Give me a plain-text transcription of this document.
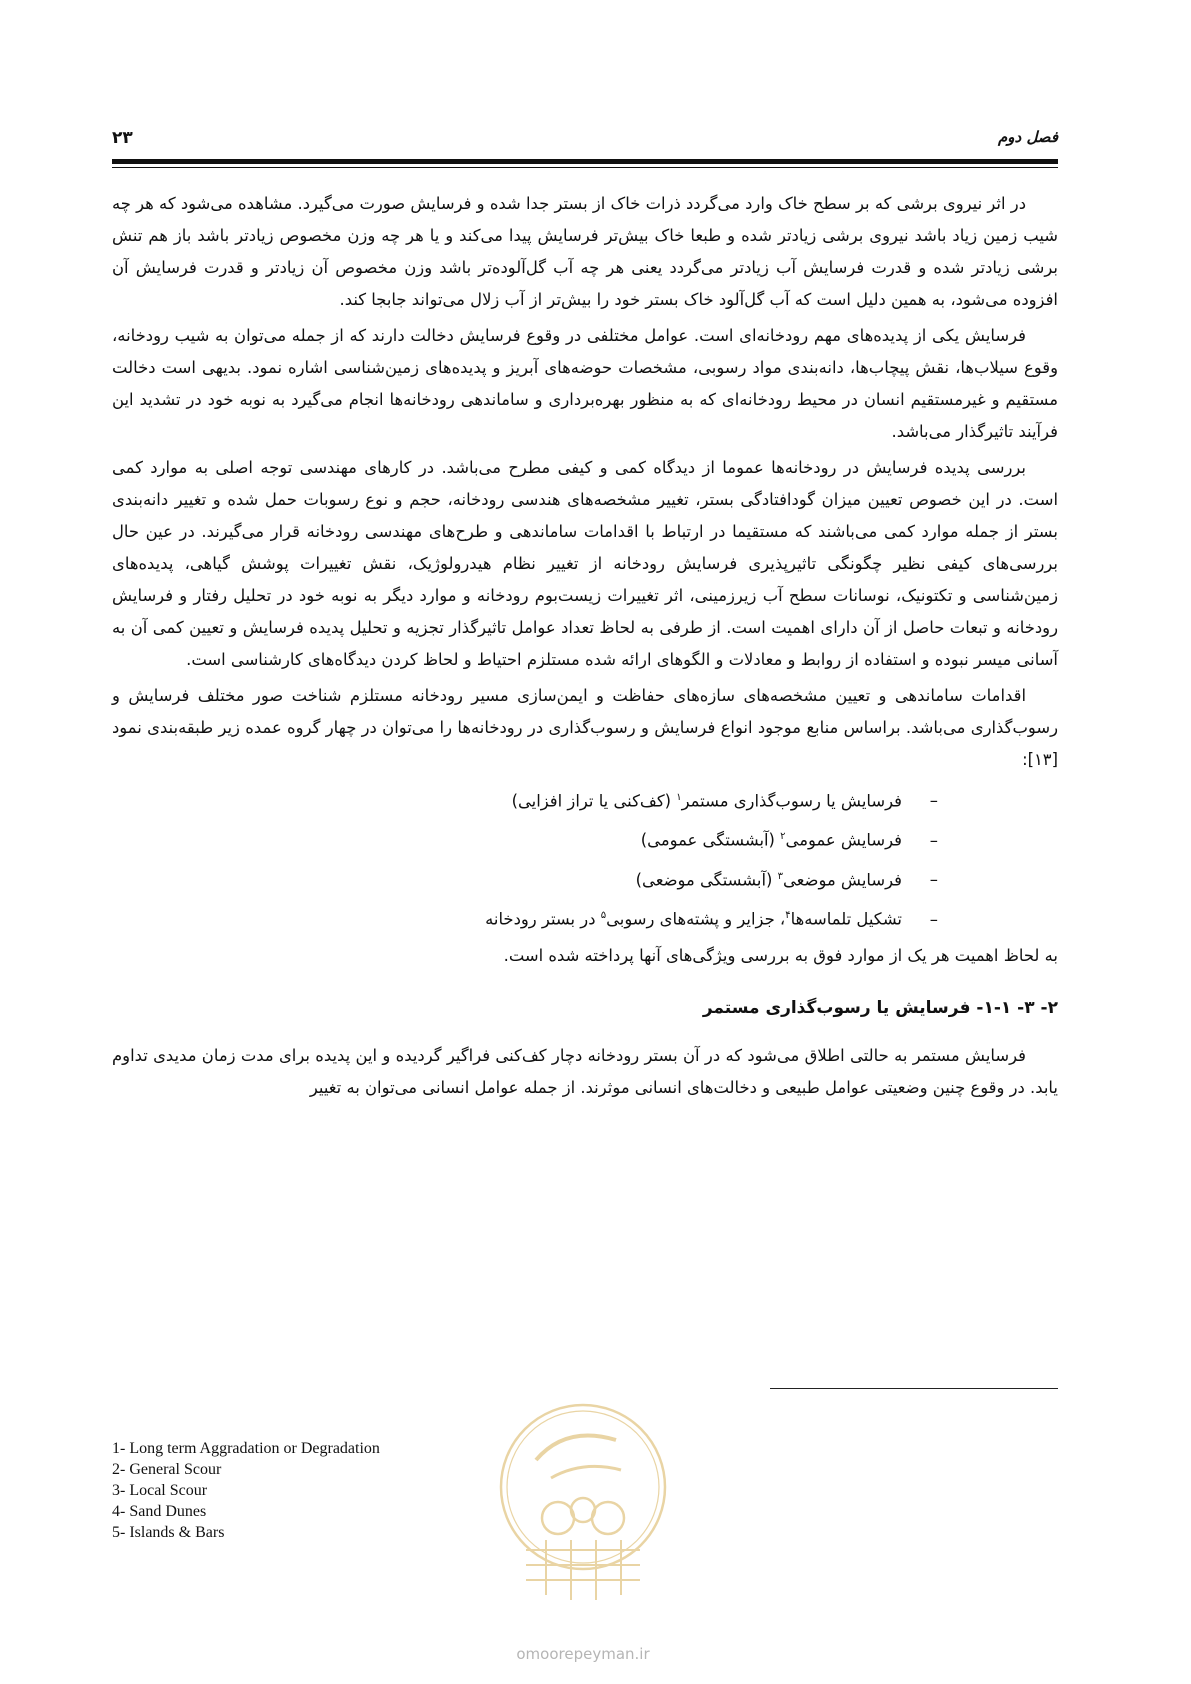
۲۳	فصل دوم

در اثر نیروی برشی که بر سطح خاک وارد می‌گردد ذرات خاک از بستر جدا شده و فرسایش صورت می‌گیرد. مشاهده می‌شود که هر چه شیب زمین زیاد باشد نیروی برشی زیادتر شده و طبعا خاک بیش‌تر فرسایش پیدا می‌کند و یا هر چه وزن مخصوص زیادتر باشد باز هم تنش برشی زیادتر شده و قدرت فرسایش آب زیادتر می‌گردد یعنی هر چه آب گل‌آلوده‌تر باشد وزن مخصوص آن زیادتر و قدرت فرسایش آن افزوده می‌شود، به همین دلیل است که آب گل‌آلود خاک بستر خود را بیش‌تر از آب زلال می‌تواند جابجا کند.

فرسایش یکی از پدیده‌های مهم رودخانه‌ای است. عوامل مختلفی در وقوع فرسایش دخالت دارند که از جمله می‌توان به شیب رودخانه، وقوع سیلاب‌ها، نقش پیچاب‌ها، دانه‌بندی مواد رسوبی، مشخصات حوضه‌های آبریز و پدیده‌های زمین‌شناسی اشاره نمود. بدیهی است دخالت مستقیم و غیرمستقیم انسان در محیط رودخانه‌ای که به منظور بهره‌برداری و ساماندهی رودخانه‌ها انجام می‌گیرد به نوبه خود در تشدید این فرآیند تاثیرگذار می‌باشد.

بررسی پدیده فرسایش در رودخانه‌ها عموما از دیدگاه کمی و کیفی مطرح می‌باشد. در کارهای مهندسی توجه اصلی به موارد کمی است. در این خصوص تعیین میزان گودافتادگی بستر، تغییر مشخصه‌های هندسی رودخانه، حجم و نوع رسوبات حمل شده و تغییر دانه‌بندی بستر از جمله موارد کمی می‌باشند که مستقیما در ارتباط با اقدامات ساماندهی و طرح‌های مهندسی رودخانه قرار می‌گیرند. در عین حال بررسی‌های کیفی نظیر چگونگی تاثیرپذیری فرسایش رودخانه از تغییر نظام هیدرولوژیک، نقش تغییرات پوشش گیاهی، پدیده‌های زمین‌شناسی و تکتونیک، نوسانات سطح آب زیرزمینی، اثر تغییرات زیست‌بوم رودخانه و موارد دیگر به نوبه خود در تحلیل رفتار و فرسایش رودخانه و تبعات حاصل از آن دارای اهمیت است. از طرفی به لحاظ تعداد عوامل تاثیرگذار تجزیه و تحلیل پدیده فرسایش و تعیین کمی آن به آسانی میسر نبوده و استفاده از روابط و معادلات و الگوهای ارائه شده مستلزم احتیاط و لحاظ کردن دیدگاه‌های کارشناسی است.

اقدامات ساماندهی و تعیین مشخصه‌های سازه‌های حفاظت و ایمن‌سازی مسیر رودخانه مستلزم شناخت صور مختلف فرسایش و رسوب‌گذاری می‌باشد. براساس منابع موجود انواع فرسایش و رسوب‌گذاری در رودخانه‌ها را می‌توان در چهار گروه عمده زیر طبقه‌بندی نمود [۱۳]:

–فرسایش یا رسوب‌گذاری مستمر$^۱$ (کف‌کنی یا تراز افزایی)
–فرسایش عمومی$^۲$ (آبشستگی عمومی)
–فرسایش موضعی$^۳$ (آبشستگی موضعی)
–تشکیل تلماسه‌ها$^۴$، جزایر و پشته‌های رسوبی$^۵$ در بستر رودخانه

به لحاظ اهمیت هر یک از موارد فوق به بررسی ویژگی‌های آنها پرداخته شده است.

۲- ۳- ۱-۱- فرسایش یا رسوب‌گذاری مستمر

فرسایش مستمر به حالتی اطلاق می‌شود که در آن بستر رودخانه دچار کف‌کنی فراگیر گردیده و این پدیده برای مدت زمان مدیدی تداوم یابد. در وقوع چنین وضعیتی عوامل طبیعی و دخالت‌های انسانی موثرند. از جمله عوامل انسانی می‌توان به تغییر

1- Long term Aggradation or Degradation
2- General Scour
3- Local Scour
4- Sand Dunes
5- Islands & Bars
omoorepeyman.ir
